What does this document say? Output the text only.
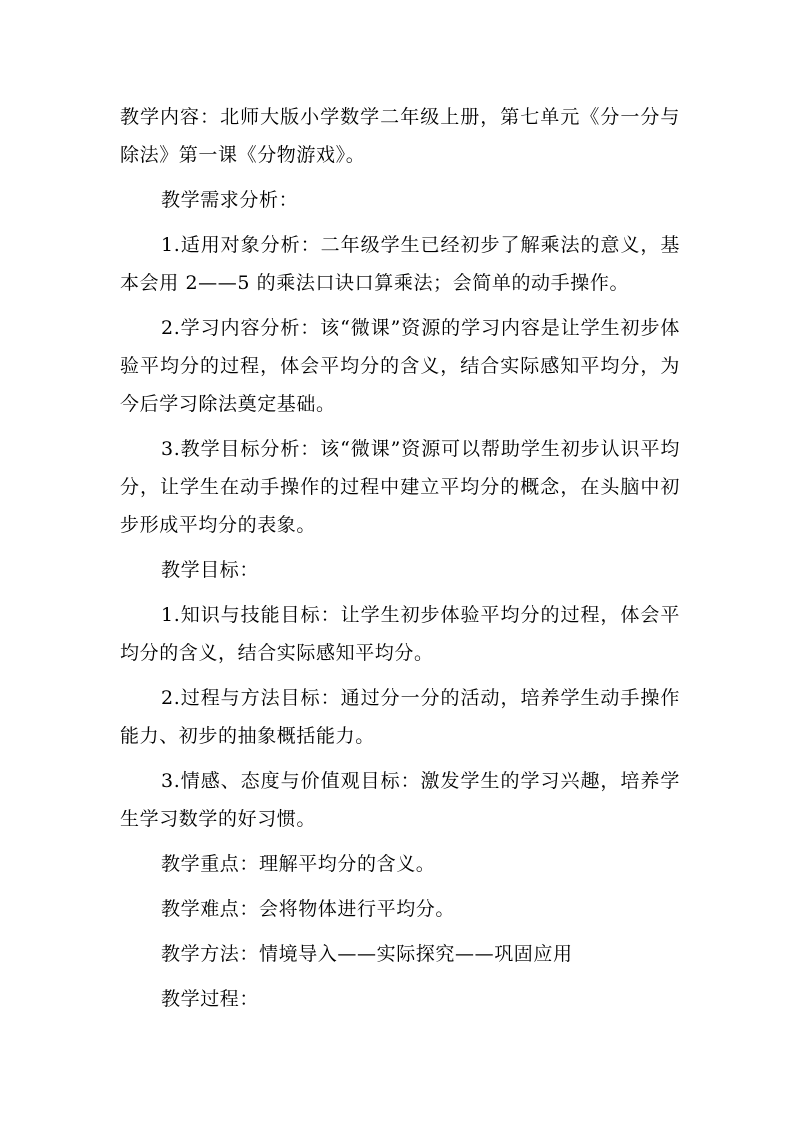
教学内容：北师大版小学数学二年级上册，第七单元《分一分与除法》第一课《分物游戏》。

教学需求分析：

1.适用对象分析：二年级学生已经初步了解乘法的意义，基本会用 2——5 的乘法口诀口算乘法；会简单的动手操作。

2.学习内容分析：该“微课”资源的学习内容是让学生初步体验平均分的过程，体会平均分的含义，结合实际感知平均分，为今后学习除法奠定基础。

3.教学目标分析：该“微课”资源可以帮助学生初步认识平均分，让学生在动手操作的过程中建立平均分的概念，在头脑中初步形成平均分的表象。

教学目标：

1.知识与技能目标：让学生初步体验平均分的过程，体会平均分的含义，结合实际感知平均分。

2.过程与方法目标：通过分一分的活动，培养学生动手操作能力、初步的抽象概括能力。

3.情感、态度与价值观目标：激发学生的学习兴趣，培养学生学习数学的好习惯。

教学重点：理解平均分的含义。

教学难点：会将物体进行平均分。

教学方法：情境导入——实际探究——巩固应用

教学过程：
